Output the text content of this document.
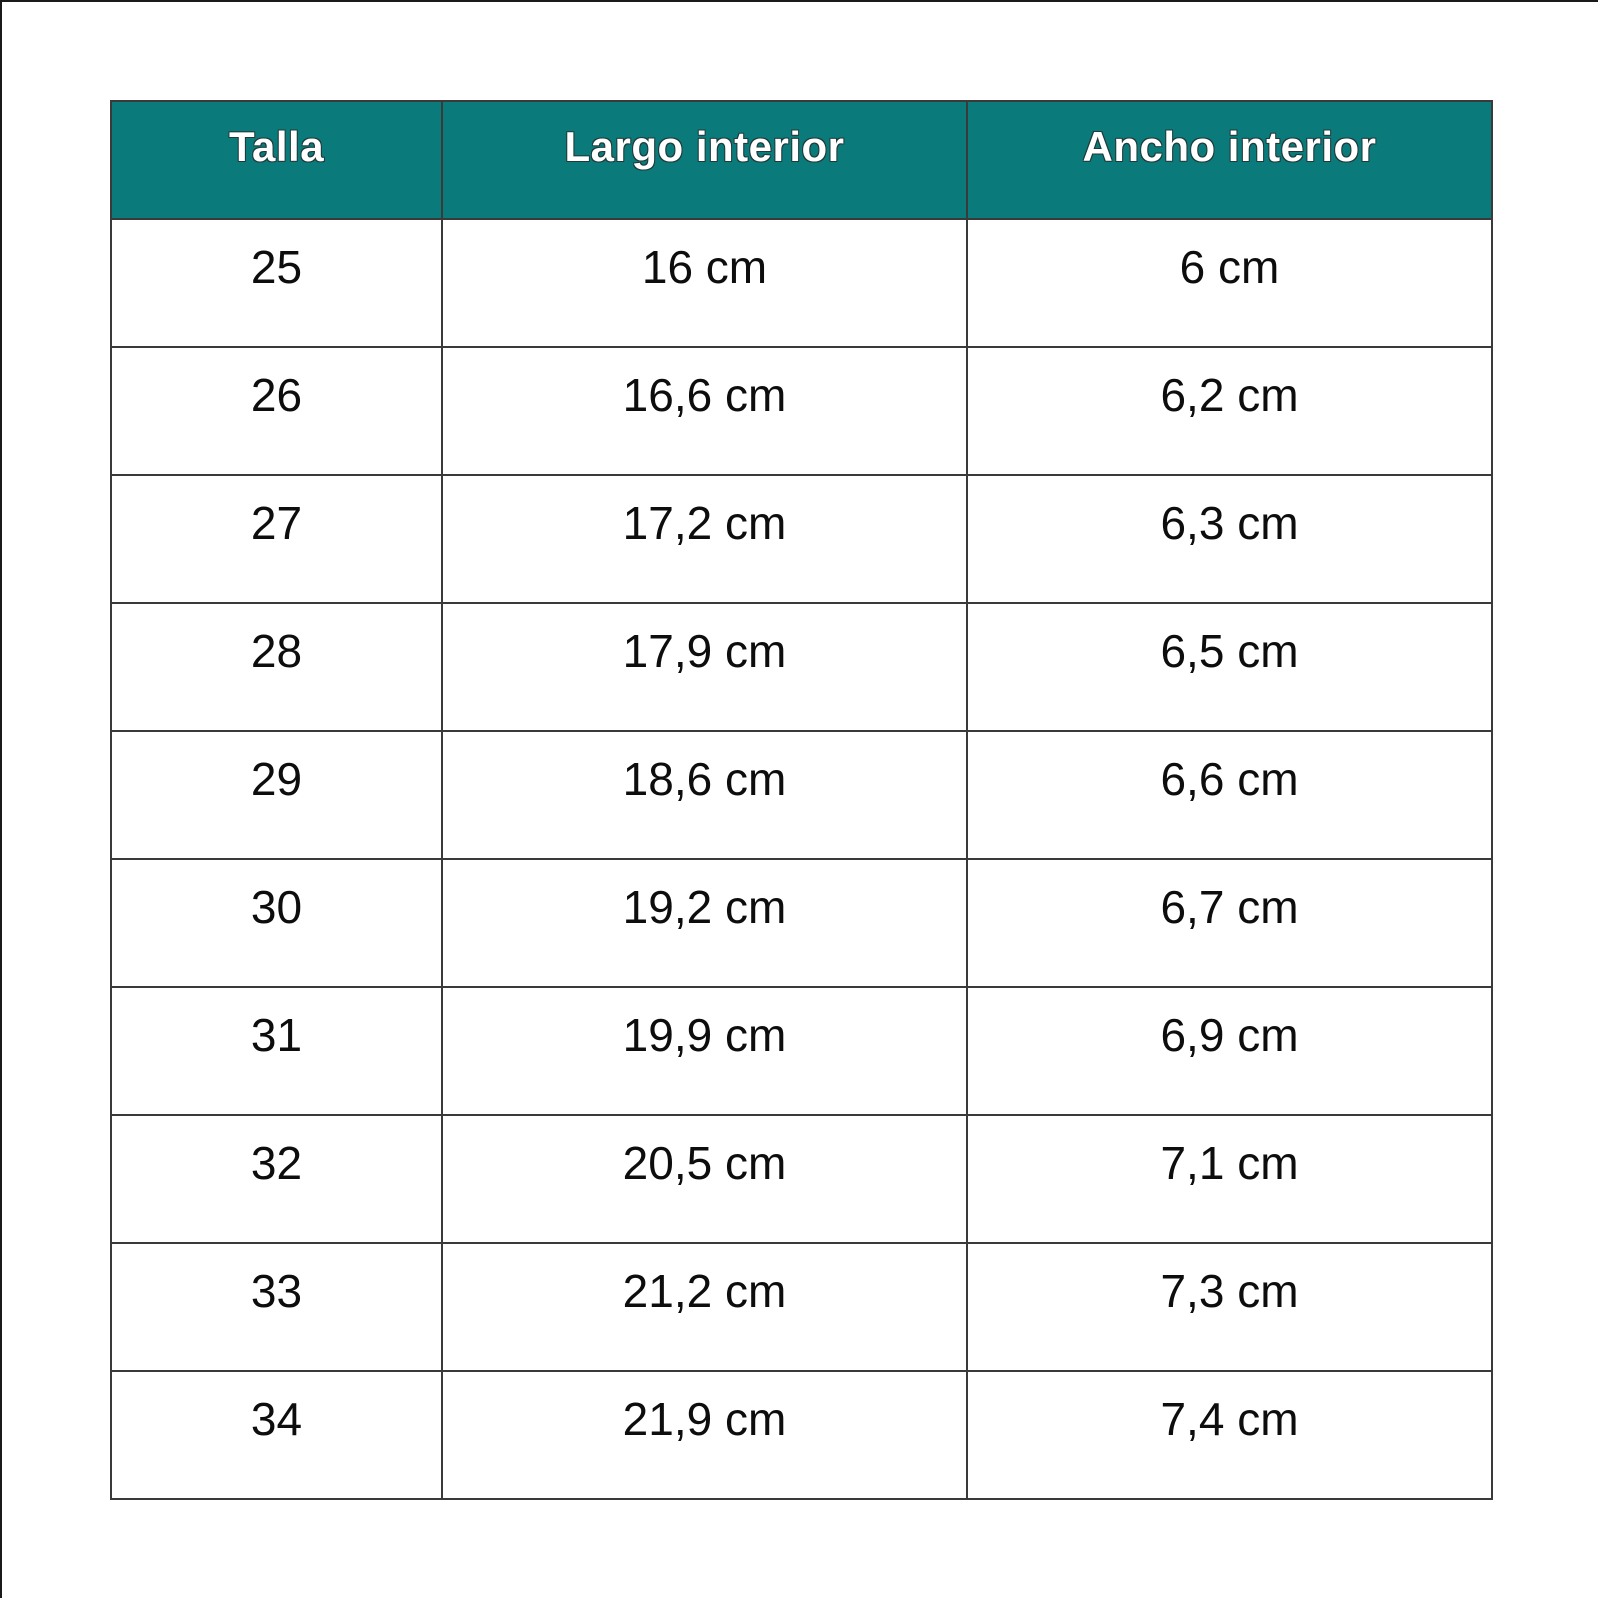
Talla	Largo interior	Ancho interior
25	16 cm	6 cm
26	16,6 cm	6,2 cm
27	17,2 cm	6,3 cm
28	17,9 cm	6,5 cm
29	18,6 cm	6,6 cm
30	19,2 cm	6,7 cm
31	19,9 cm	6,9 cm
32	20,5 cm	7,1 cm
33	21,2 cm	7,3 cm
34	21,9 cm	7,4 cm
